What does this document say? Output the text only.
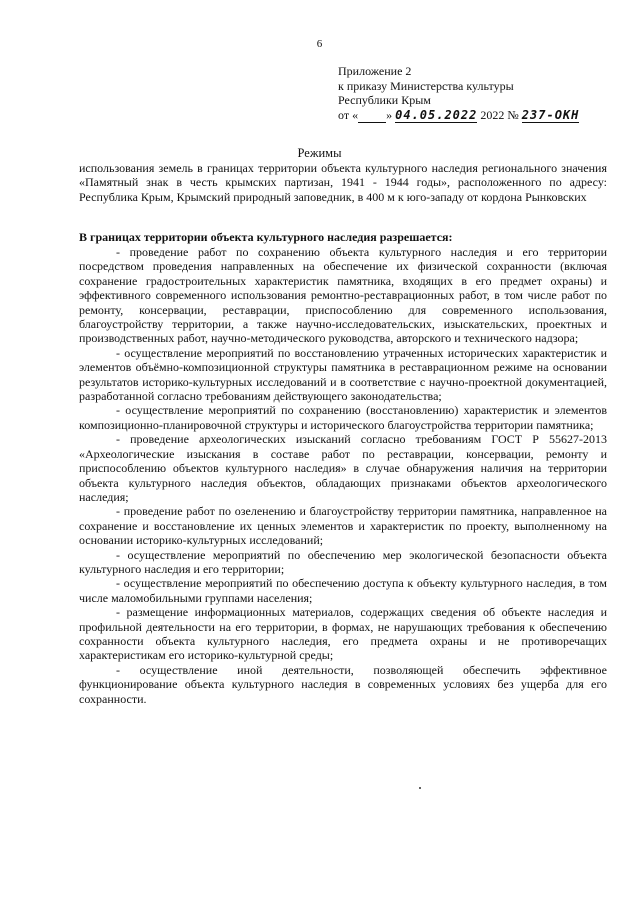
6
Приложение 2
к приказу Министерства культуры
Республики Крым
от « » 04.05.2022 2022 № 237-ОКН
Режимы
использования земель в границах территории объекта культурного наследия регионального значения «Памятный знак в честь крымских партизан, 1941 - 1944 годы», расположенного по адресу: Республика Крым, Крымский природный заповедник, в 400 м к юго-западу от кордона Рынковских
В границах территории объекта культурного наследия разрешается:

- проведение работ по сохранению объекта культурного наследия и его территории посредством проведения направленных на обеспечение их физической сохранности (включая сохранение градостроительных характеристик памятника, входящих в его предмет охраны) и эффективного современного использования ремонтно-реставрационных работ, в том числе работ по ремонту, консервации, реставрации, приспособлению для современного использования, благоустройству территории, а также научно-исследовательских, изыскательских, проектных и производственных работ, научно-методического руководства, авторского и технического надзора;

- осуществление мероприятий по восстановлению утраченных исторических характеристик и элементов объёмно-композиционной структуры памятника в реставрационном режиме на основании результатов историко-культурных исследований и в соответствие с научно-проектной документацией, разработанной согласно требованиям действующего законодательства;

- осуществление мероприятий по сохранению (восстановлению) характеристик и элементов композиционно-планировочной структуры и исторического благоустройства территории памятника;

- проведение археологических изысканий согласно требованиям ГОСТ Р 55627-2013 «Археологические изыскания в составе работ по реставрации, консервации, ремонту и приспособлению объектов культурного наследия» в случае обнаружения наличия на территории объекта культурного наследия объектов, обладающих признаками объектов археологического наследия;

- проведение работ по озеленению и благоустройству территории памятника, направленное на сохранение и восстановление их ценных элементов и характеристик по проекту, выполненному на основании историко-культурных исследований;

- осуществление мероприятий по обеспечению мер экологической безопасности объекта культурного наследия и его территории;

- осуществление мероприятий по обеспечению доступа к объекту культурного наследия, в том числе маломобильными группами населения;

- размещение информационных материалов, содержащих сведения об объекте наследия и профильной деятельности на его территории, в формах, не нарушающих требования к обеспечению сохранности объекта культурного наследия, его предмета охраны и не противоречащих характеристикам его историко-культурной среды;

- осуществление иной деятельности, позволяющей обеспечить эффективное функционирование объекта культурного наследия в современных условиях без ущерба для его сохранности.
